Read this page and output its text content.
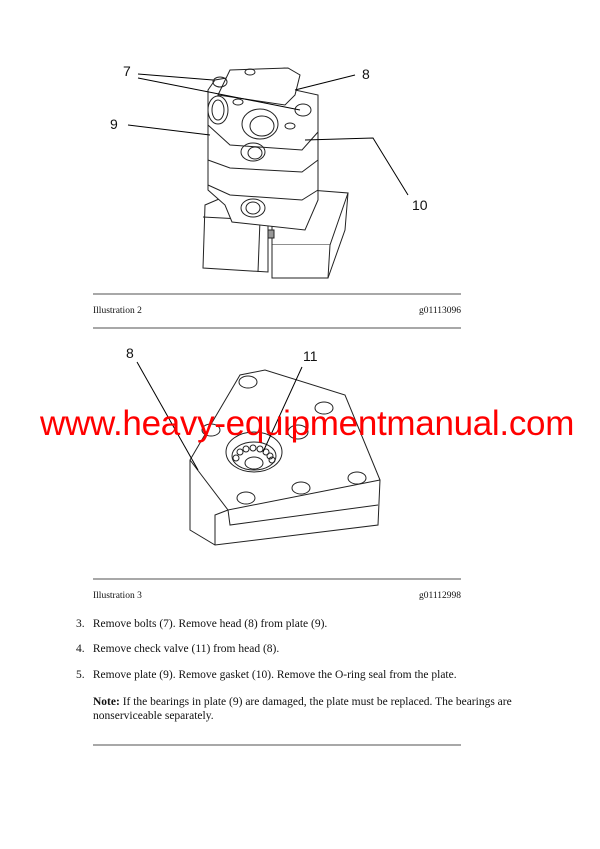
7	8
9
10
Illustration 2	g01113096
8	11
www.heavy-equipmentmanual.com
Illustration 3	g01112998
3. Remove bolts (7). Remove head (8) from plate (9).
4. Remove check valve (11) from head (8).
5. Remove plate (9). Remove gasket (10). Remove the O-ring seal from the plate.
Note: If the bearings in plate (9) are damaged, the plate must be replaced. The bearings are nonserviceable separately.
